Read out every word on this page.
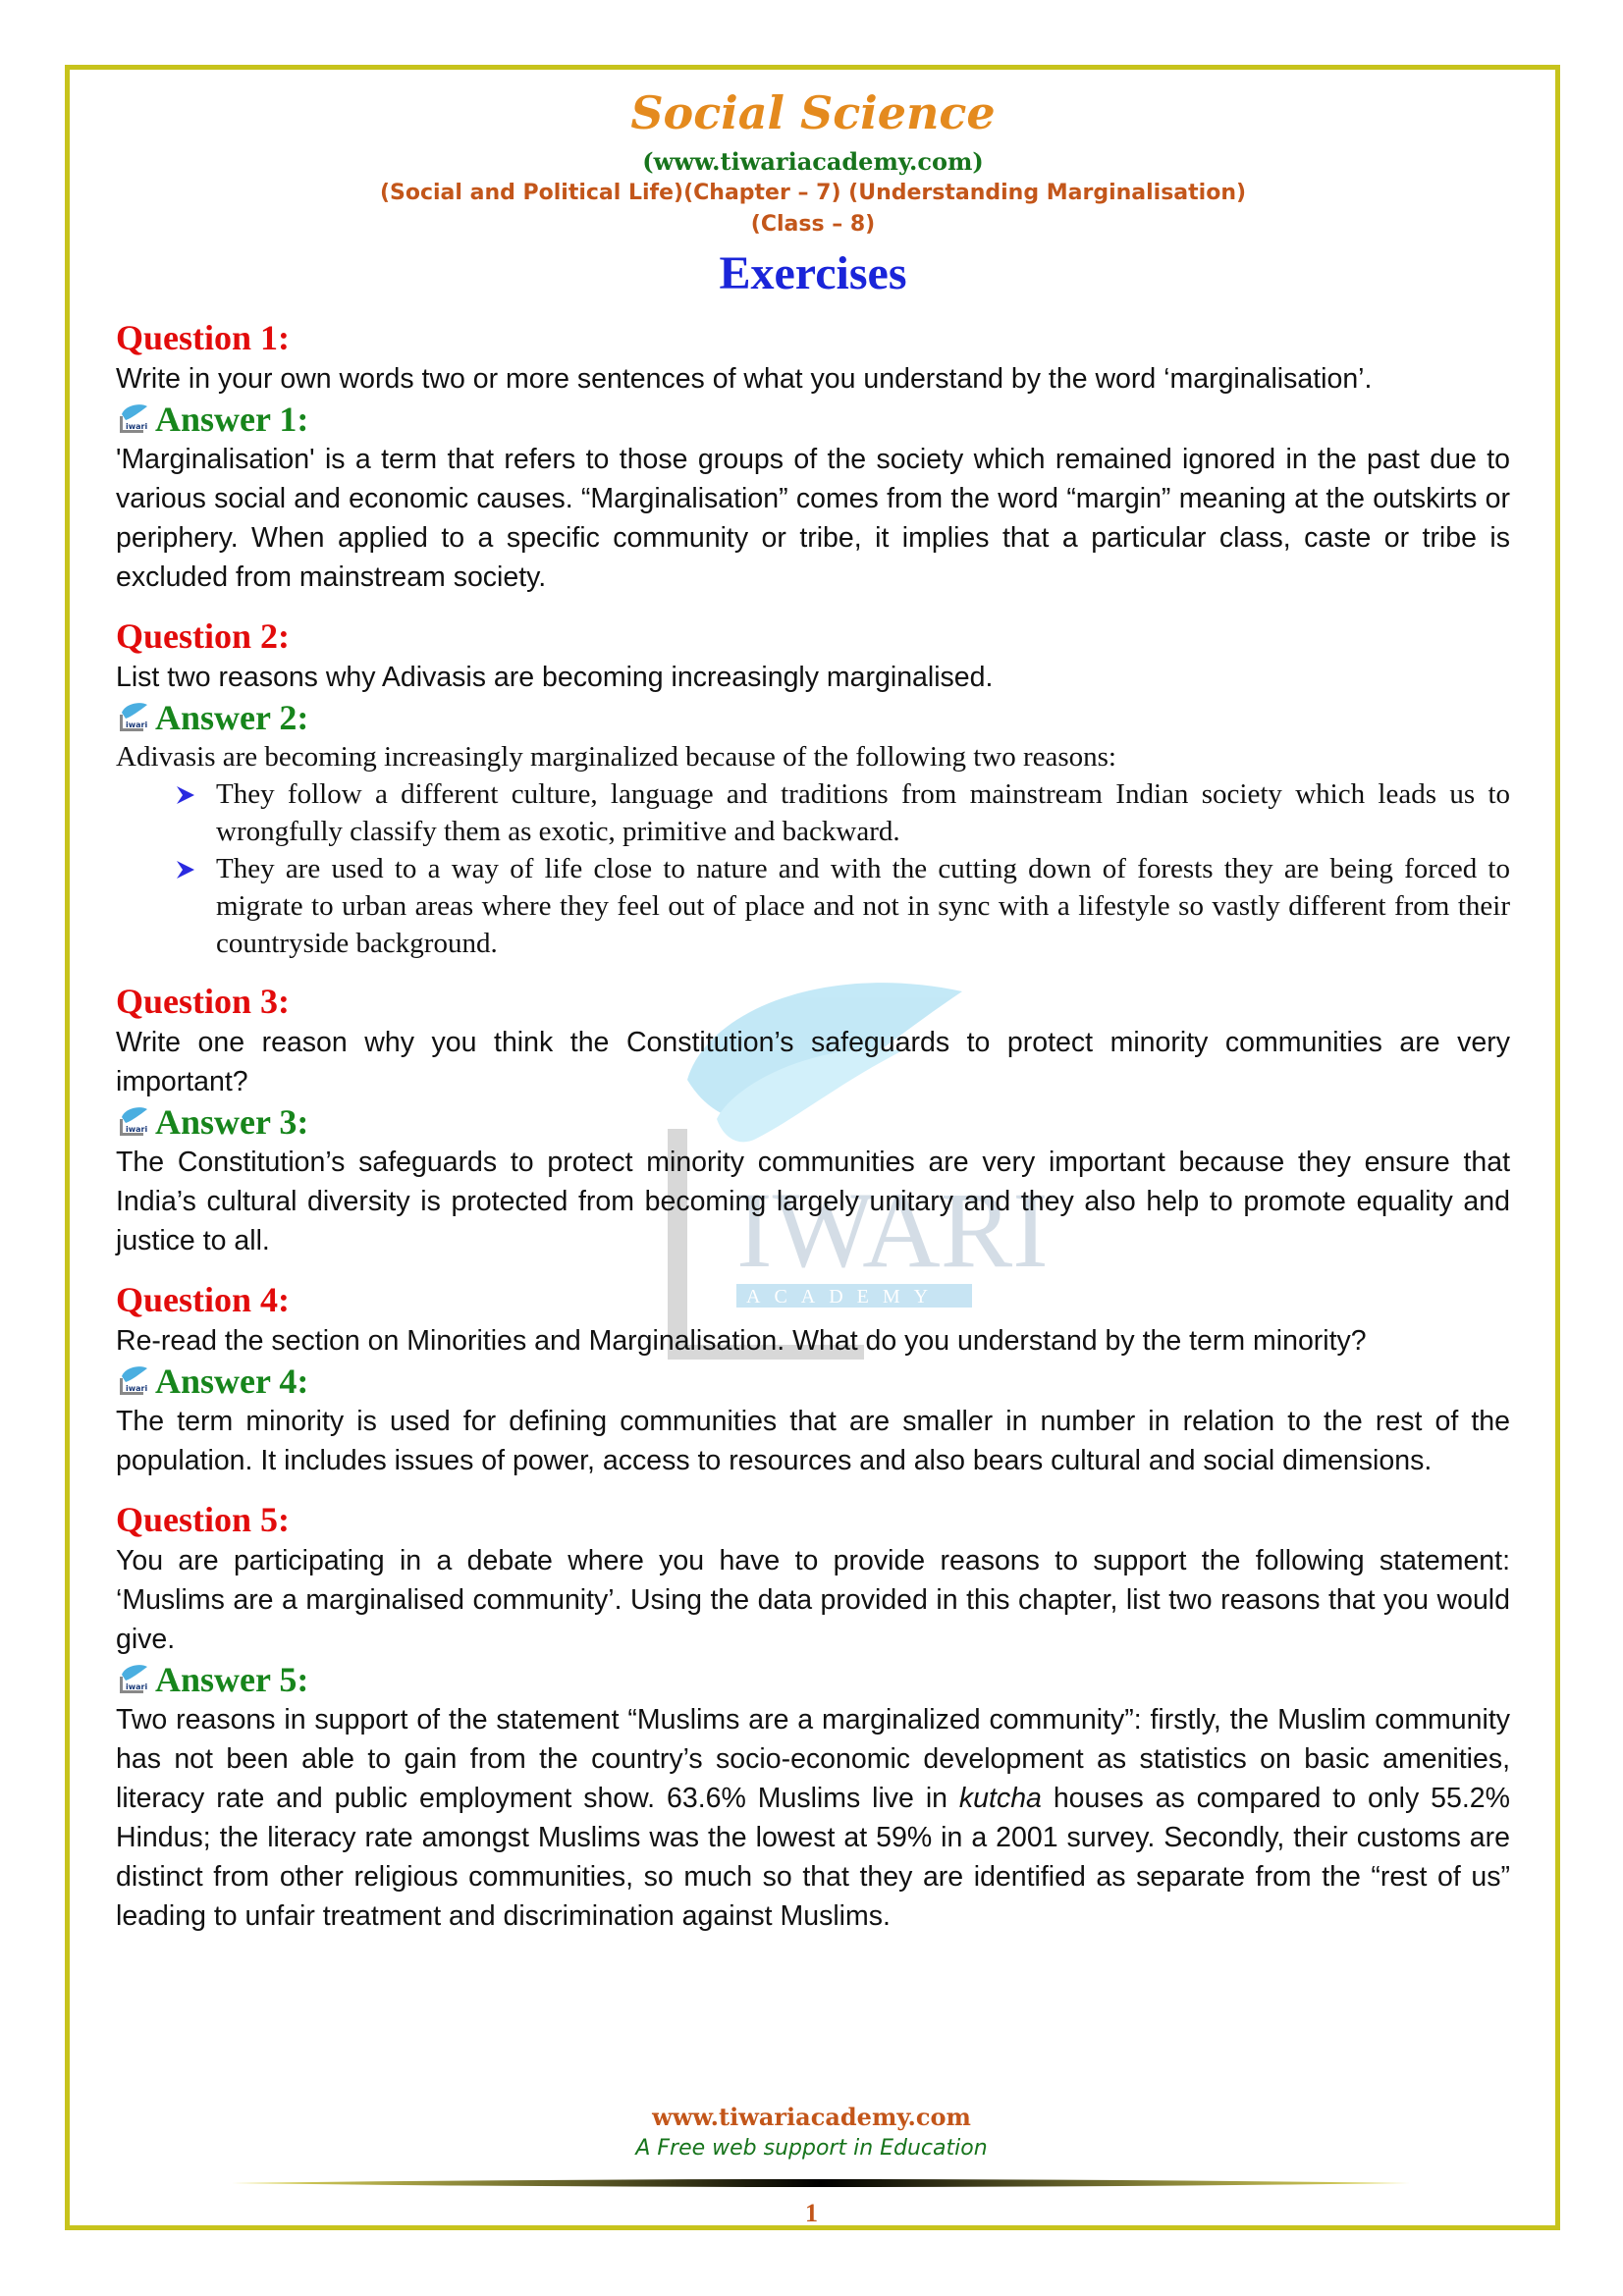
IWARI
ACADEMY
Social Science
(www.tiwariacademy.com)
(Social and Political Life)(Chapter – 7) (Understanding Marginalisation)
(Class – 8)
Exercises
Question 1:
Write in your own words two or more sentences of what you understand by the word ‘marginalisation’.
iwari Answer 1:
'Marginalisation' is a term that refers to those groups of the society which remained ignored in the past due to various social and economic causes. “Marginalisation” comes from the word “margin” meaning at the outskirts or periphery. When applied to a specific community or tribe, it implies that a particular class, caste or tribe is excluded from mainstream society.
Question 2:
List two reasons why Adivasis are becoming increasingly marginalised.
iwari Answer 2:
Adivasis are becoming increasingly marginalized because of the following two reasons:
They follow a different culture, language and traditions from mainstream Indian society which leads us to wrongfully classify them as exotic, primitive and backward.
They are used to a way of life close to nature and with the cutting down of forests they are being forced to migrate to urban areas where they feel out of place and not in sync with a lifestyle so vastly different from their countryside background.
Question 3:
Write one reason why you think the Constitution’s safeguards to protect minority communities are very important?
iwari Answer 3:
The Constitution’s safeguards to protect minority communities are very important because they ensure that India’s cultural diversity is protected from becoming largely unitary and they also help to promote equality and justice to all.
Question 4:
Re-read the section on Minorities and Marginalisation. What do you understand by the term minority?
iwari Answer 4:
The term minority is used for defining communities that are smaller in number in relation to the rest of the population. It includes issues of power, access to resources and also bears cultural and social dimensions.
Question 5:
You are participating in a debate where you have to provide reasons to support the following statement: ‘Muslims are a marginalised community’. Using the data provided in this chapter, list two reasons that you would give.
iwari Answer 5:
Two reasons in support of the statement “Muslims are a marginalized community”: firstly, the Muslim community has not been able to gain from the country’s socio-economic development as statistics on basic amenities, literacy rate and public employment show. 63.6% Muslims live in kutcha houses as compared to only 55.2% Hindus; the literacy rate amongst Muslims was the lowest at 59% in a 2001 survey. Secondly, their customs are distinct from other religious communities, so much so that they are identified as separate from the “rest of us” leading to unfair treatment and discrimination against Muslims.
www.tiwariacademy.com
A Free web support in Education
1
